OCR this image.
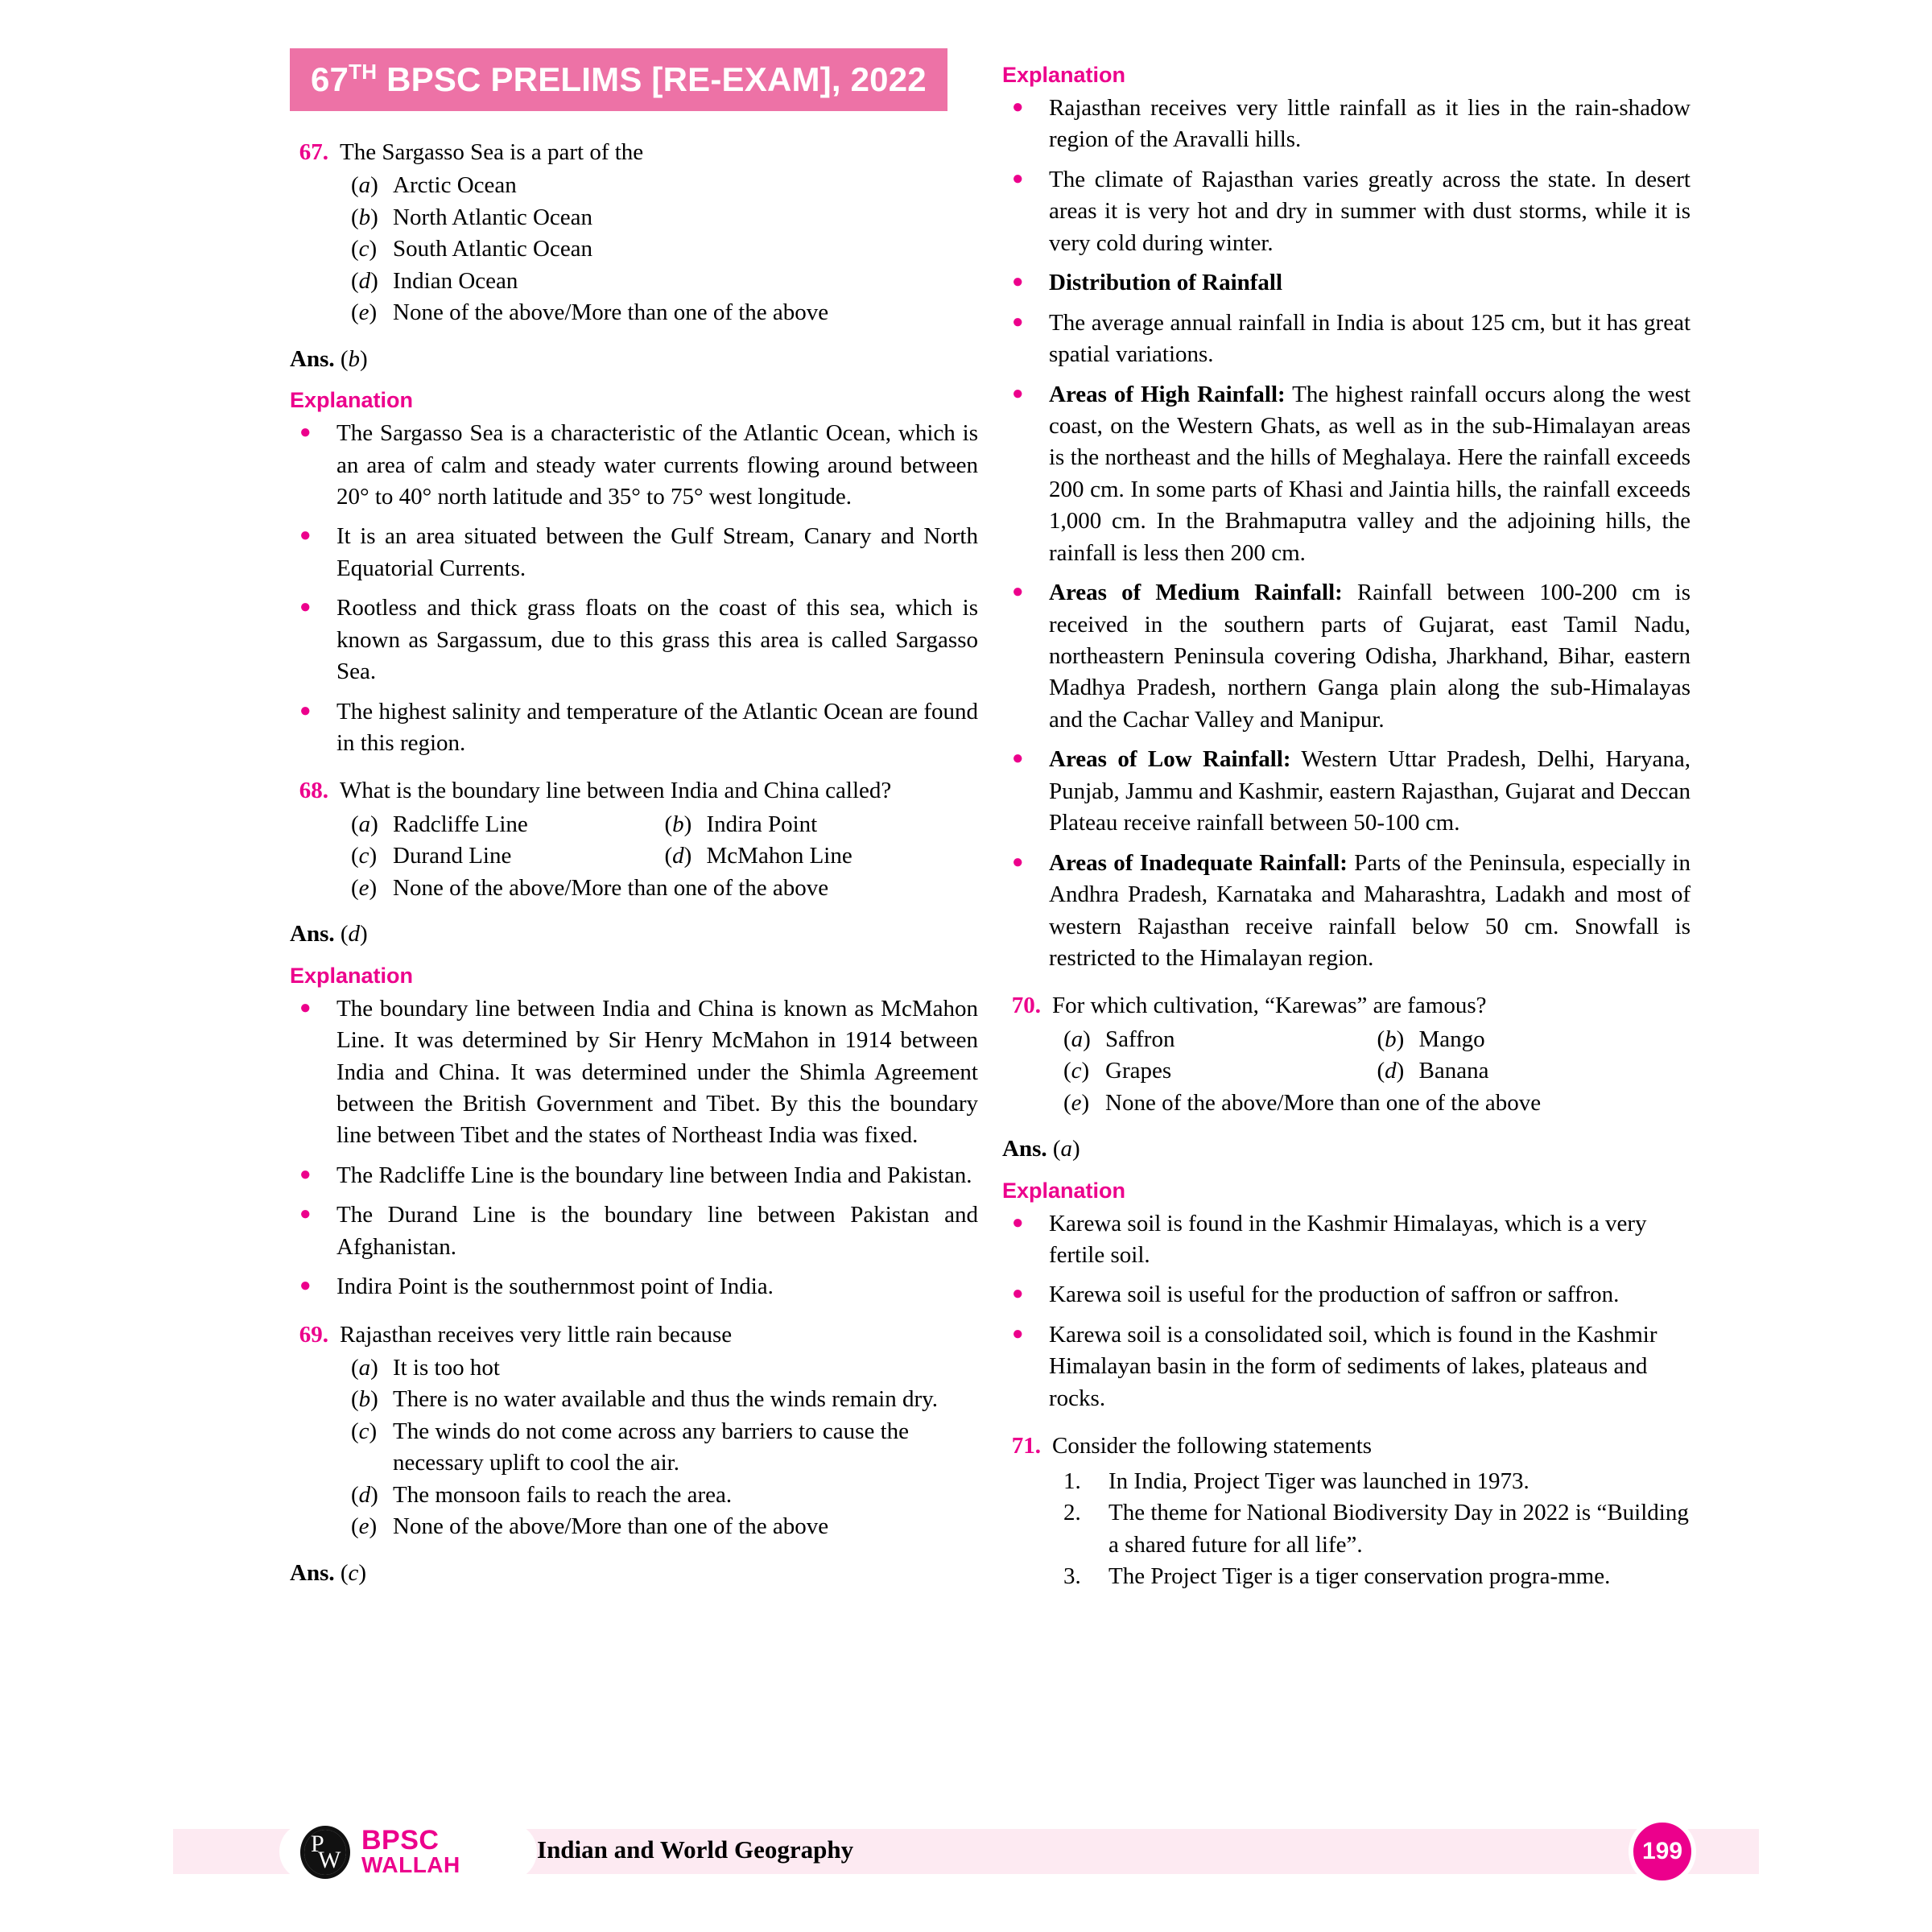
67TH BPSC PRELIMS [RE-EXAM], 2022
67. The Sargasso Sea is a part of the
(a) Arctic Ocean
(b) North Atlantic Ocean
(c) South Atlantic Ocean
(d) Indian Ocean
(e) None of the above/More than one of the above
Ans. (b)
Explanation
●	The Sargasso Sea is a characteristic of the Atlantic Ocean, which is an area of calm and steady water currents flowing around between 20° to 40° north latitude and 35° to 75° west longitude.
●	It is an area situated between the Gulf Stream, Canary and North Equatorial Currents.
●	Rootless and thick grass floats on the coast of this sea, which is known as Sargassum, due to this grass this area is called Sargasso Sea.
●	The highest salinity and temperature of the Atlantic Ocean are found in this region.
68. What is the boundary line between India and China called?
(a) Radcliffe Line	(b) Indira Point
(c) Durand Line	(d) McMahon Line
(e) None of the above/More than one of the above
Ans. (d)
Explanation
●	The boundary line between India and China is known as McMahon Line. It was determined by Sir Henry McMahon in 1914 between India and China. It was determined under the Shimla Agreement between the British Government and Tibet. By this the boundary line between Tibet and the states of Northeast India was fixed.
●	The Radcliffe Line is the boundary line between India and Pakistan.
●	The Durand Line is the boundary line between Pakistan and Afghanistan.
●	Indira Point is the southernmost point of India.
69. Rajasthan receives very little rain because
(a) It is too hot
(b) There is no water available and thus the winds remain dry.
(c) The winds do not come across any barriers to cause the necessary uplift to cool the air.
(d) The monsoon fails to reach the area.
(e) None of the above/More than one of the above
Ans. (c)
Explanation
●	Rajasthan receives very little rainfall as it lies in the rain-shadow region of the Aravalli hills.
●	The climate of Rajasthan varies greatly across the state. In desert areas it is very hot and dry in summer with dust storms, while it is very cold during winter.
●	Distribution of Rainfall
●	The average annual rainfall in India is about 125 cm, but it has great spatial variations.
●	Areas of High Rainfall: The highest rainfall occurs along the west coast, on the Western Ghats, as well as in the sub-Himalayan areas is the northeast and the hills of Meghalaya. Here the rainfall exceeds 200 cm. In some parts of Khasi and Jaintia hills, the rainfall exceeds 1,000 cm. In the Brahmaputra valley and the adjoining hills, the rainfall is less then 200 cm.
●	Areas of Medium Rainfall: Rainfall between 100-200 cm is received in the southern parts of Gujarat, east Tamil Nadu, northeastern Peninsula covering Odisha, Jharkhand, Bihar, eastern Madhya Pradesh, northern Ganga plain along the sub-Himalayas and the Cachar Valley and Manipur.
●	Areas of Low Rainfall: Western Uttar Pradesh, Delhi, Haryana, Punjab, Jammu and Kashmir, eastern Rajasthan, Gujarat and Deccan Plateau receive rainfall between 50-100 cm.
●	Areas of Inadequate Rainfall: Parts of the Peninsula, especially in Andhra Pradesh, Karnataka and Maharashtra, Ladakh and most of western Rajasthan receive rainfall below 50 cm. Snowfall is restricted to the Himalayan region.
70. For which cultivation, “Karewas” are famous?
(a) Saffron	(b) Mango
(c) Grapes	(d) Banana
(e) None of the above/More than one of the above
Ans. (a)
Explanation
●	Karewa soil is found in the Kashmir Himalayas, which is a very fertile soil.
●	Karewa soil is useful for the production of saffron or saffron.
●	Karewa soil is a consolidated soil, which is found in the Kashmir Himalayan basin in the form of sediments of lakes, plateaus and rocks.
71. Consider the following statements
1.	In India, Project Tiger was launched in 1973.
2.	The theme for National Biodiversity Day in 2022 is “Building a shared future for all life”.
3.	The Project Tiger is a tiger conservation progra-mme.
P
W
BPSC
WALLAH
Indian and World Geography	199
